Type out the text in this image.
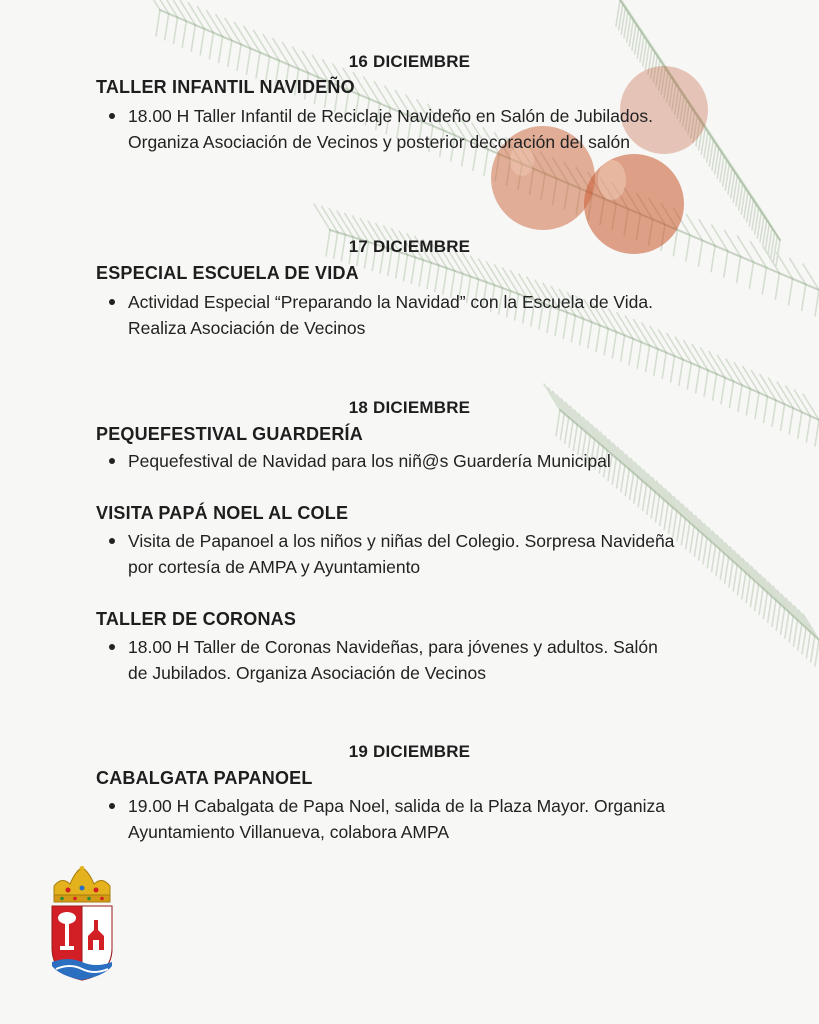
16 DICIEMBRE
TALLER INFANTIL NAVIDEÑO
18.00 H Taller Infantil de Reciclaje Navideño en Salón de Jubilados.
Organiza Asociación de Vecinos y posterior decoración del salón
17 DICIEMBRE
ESPECIAL ESCUELA DE VIDA
Actividad Especial “Preparando la Navidad” con la Escuela de Vida.
Realiza Asociación de Vecinos
18 DICIEMBRE
PEQUEFESTIVAL GUARDERÍA
Pequefestival de Navidad para los niñ@s Guardería Municipal
VISITA PAPÁ NOEL AL COLE
Visita de Papanoel a los niños y niñas del Colegio. Sorpresa Navideña
por cortesía de AMPA y Ayuntamiento
TALLER DE CORONAS
18.00 H Taller de Coronas Navideñas, para jóvenes y adultos. Salón
de Jubilados. Organiza Asociación de Vecinos
19 DICIEMBRE
CABALGATA PAPANOEL
19.00 H Cabalgata de Papa Noel, salida de la Plaza Mayor. Organiza
Ayuntamiento Villanueva, colabora AMPA
